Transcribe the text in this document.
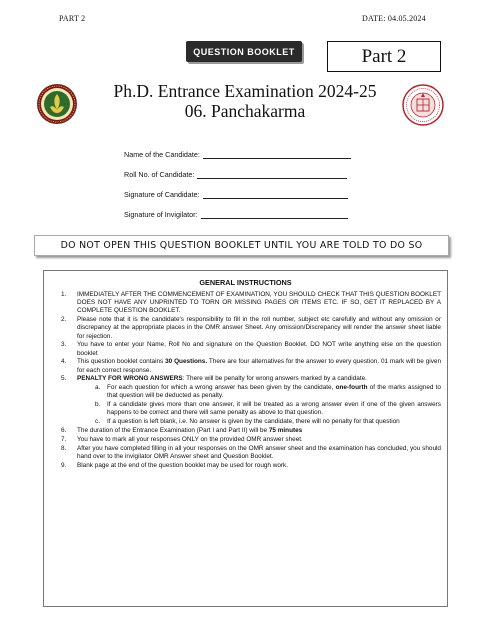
PART 2	DATE: 04.05.2024
QUESTION BOOKLET	Part 2
Ph.D. Entrance Examination 2024-25
06. Panchakarma
Name of the Candidate:
Roll No. of Candidate:
Signature of Candidate:
Signature of Invigilator:
DO NOT OPEN THIS QUESTION BOOKLET UNTIL YOU ARE TOLD TO DO SO
GENERAL INSTRUCTIONS
1. IMMEDIATELY AFTER THE COMMENCEMENT OF EXAMINATION, YOU SHOULD CHECK THAT THIS QUESTION BOOKLET DOES NOT HAVE ANY UNPRINTED TO TORN OR MISSING PAGES OR ITEMS ETC. IF SO, GET IT REPLACED BY A COMPLETE QUESTION BOOKLET.
2. Please note that it is the candidate's responsibility to fill in the roll number, subject etc carefully and without any omission or discrepancy at the appropriate places in the OMR answer Sheet. Any omission/Discrepancy will render the answer sheet liable for rejection.
3. You have to enter your Name, Roll No and signature on the Question Booklet. DO NOT write anything else on the question booklet
4. This question booklet contains 30 Questions. There are four alternatives for the answer to every question. 01 mark will be given for each correct response.
5. PENALTY FOR WRONG ANSWERS: There will be penalty for wrong answers marked by a candidate.
a. For each question for which a wrong answer has been given by the candidate, one-fourth of the marks assigned to that question will be deducted as penalty.
b. If a candidate gives more than one answer, it will be treated as a wrong answer even if one of the given answers happens to be correct and there will same penalty as above to that question.
c. If a question is left blank, i.e. No answer is given by the candidate, there will no penalty for that question
6. The duration of the Entrance Examination (Part I and Part II) will be 75 minutes
7. You have to mark all your responses ONLY on the provided OMR answer sheet.
8. After you have completed filling in all your responses on the OMR answer sheet and the examination has concluded, you should hand over to the invigilator OMR Answer sheet and Question Booklet.
9. Blank page at the end of the question booklet may be used for rough work.
